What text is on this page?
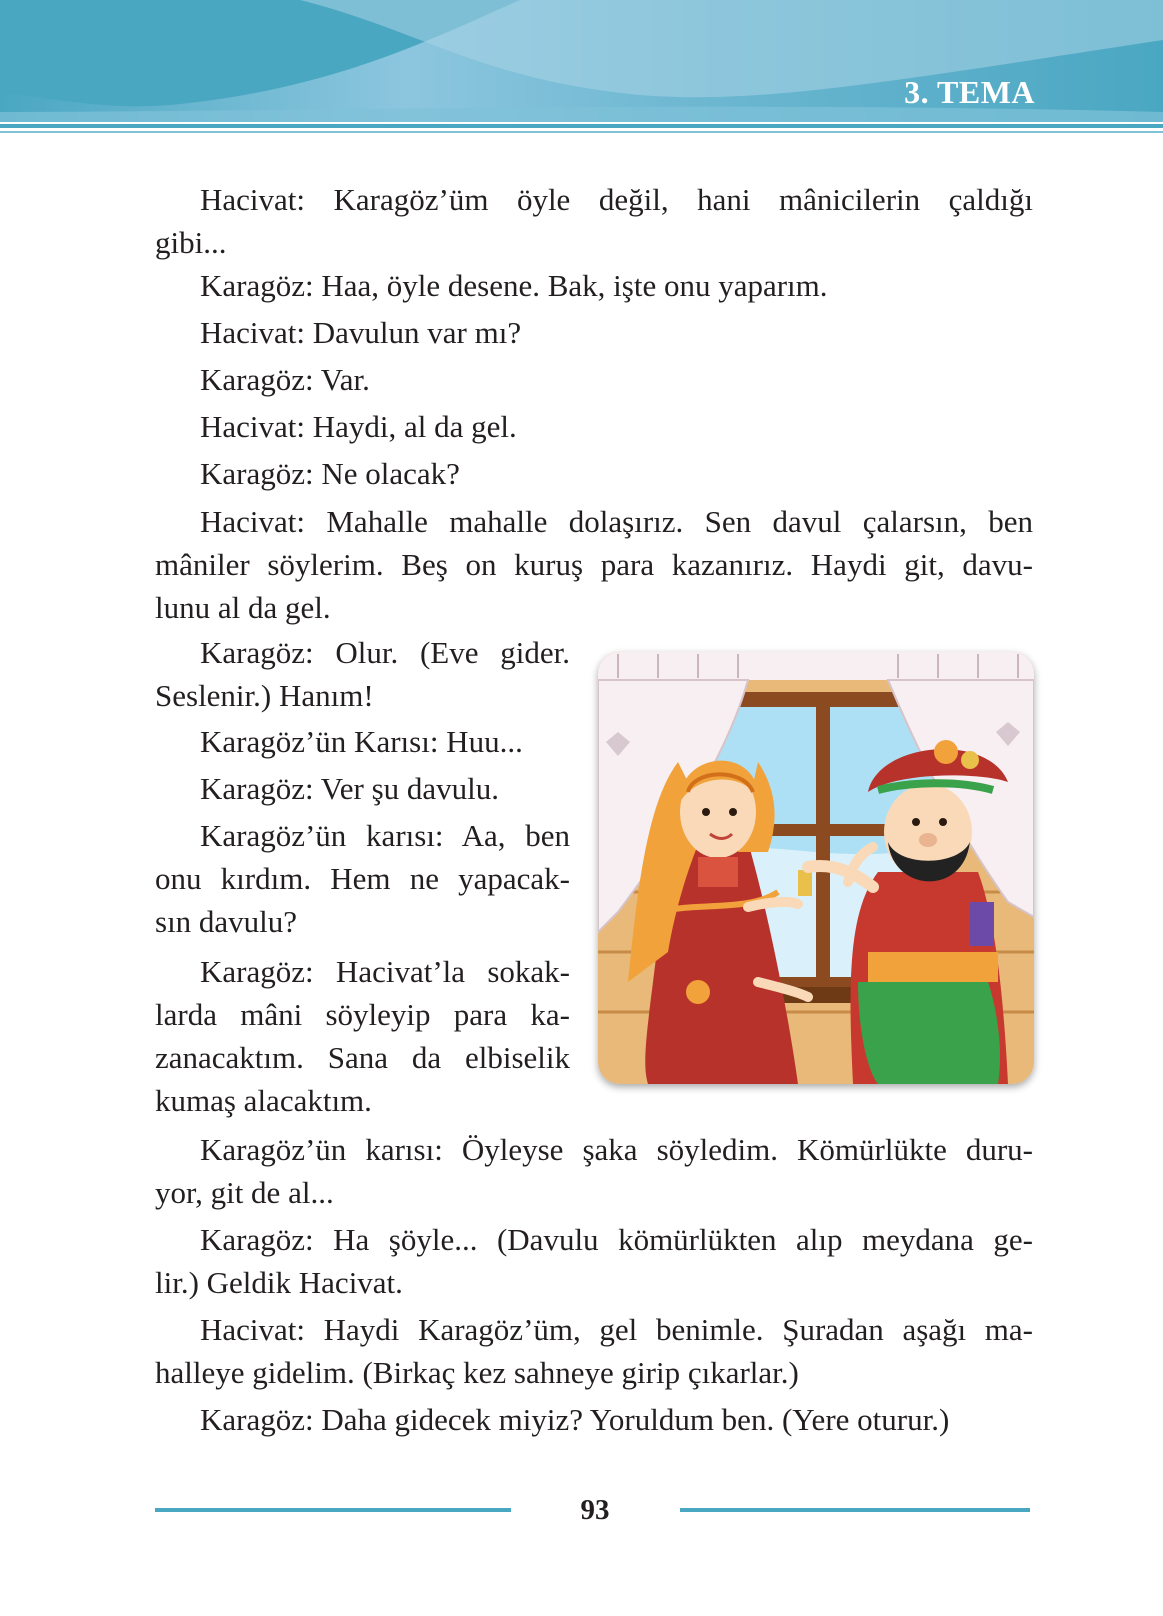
3. TEMA

Hacivat: Karagöz’üm öyle değil, hani mânicilerin çaldığı
gibi...

Karagöz: Haa, öyle desene. Bak, işte onu yaparım.

Hacivat: Davulun var mı?

Karagöz: Var.

Hacivat: Haydi, al da gel.

Karagöz: Ne olacak?

Hacivat: Mahalle mahalle dolaşırız. Sen davul çalarsın, ben
mâniler söylerim. Beş on kuruş para kazanırız. Haydi git, davu-
lunu al da gel.
Karagöz: Olur. (Eve gider.
Seslenir.) Hanım!

Karagöz’ün Karısı: Huu...

Karagöz: Ver şu davulu.

Karagöz’ün karısı: Aa, ben
onu kırdım. Hem ne yapacak-
sın davulu?
Karagöz: Hacivat’la sokak-
larda mâni söyleyip para ka-
zanacaktım. Sana da elbiselik
kumaş alacaktım.
Karagöz’ün karısı: Öyleyse şaka söyledim. Kömürlükte duru-
yor, git de al...
Karagöz: Ha şöyle... (Davulu kömürlükten alıp meydana ge-
lir.) Geldik Hacivat.
Hacivat: Haydi Karagöz’üm, gel benimle. Şuradan aşağı ma-
halleye gidelim. (Birkaç kez sahneye girip çıkarlar.)

Karagöz: Daha gidecek miyiz? Yoruldum ben. (Yere oturur.)

93
